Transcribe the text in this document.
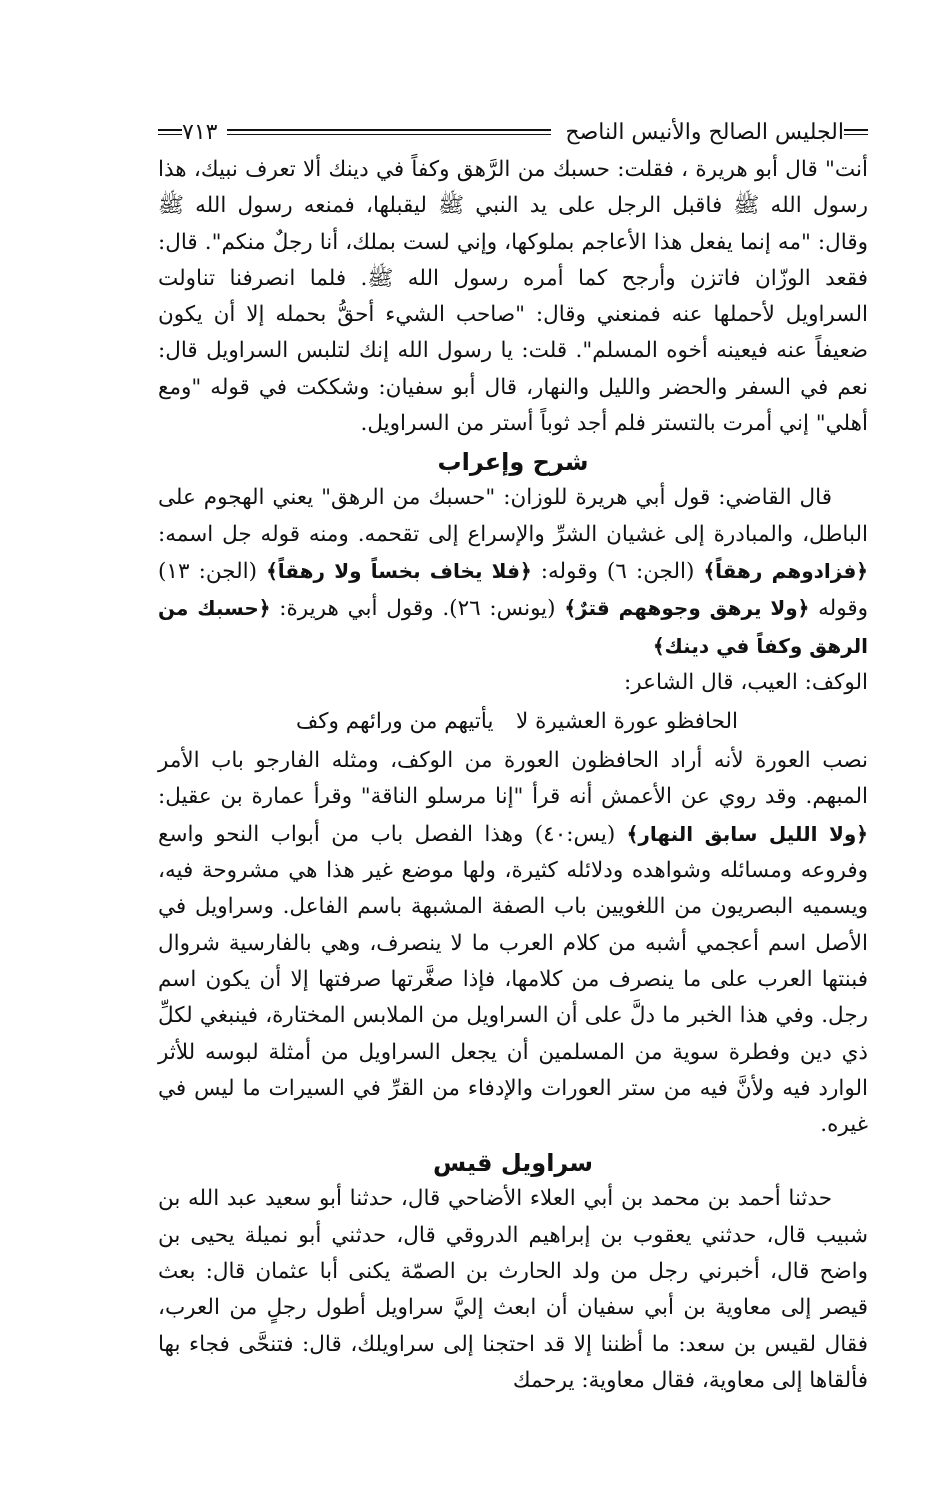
الجليس الصالح والأنيس الناصح
٧١٣

أنت" قال أبو هريرة ، فقلت: حسبك من الرَّهق وكفاً في دينك ألا تعرف نبيك، هذا رسول الله ﷺ فاقبل الرجل على يد النبي ﷺ ليقبلها، فمنعه رسول الله ﷺ وقال: "مه إنما يفعل هذا الأعاجم بملوكها، وإني لست بملك، أنا رجلٌ منكم". قال: فقعد الوزّان فاتزن وأرجح كما أمره رسول الله ﷺ. فلما انصرفنا تناولت السراويل لأحملها عنه فمنعني وقال: "صاحب الشيء أحقُّ بحمله إلا أن يكون ضعيفاً عنه فيعينه أخوه المسلم". قلت: يا رسول الله إنك لتلبس السراويل قال: نعم في السفر والحضر والليل والنهار، قال أبو سفيان: وشككت في قوله "ومع أهلي" إني أمرت بالتستر فلم أجد ثوباً أستر من السراويل.

شرح وإعراب

قال القاضي: قول أبي هريرة للوزان: "حسبك من الرهق" يعني الهجوم على الباطل، والمبادرة إلى غشيان الشرِّ والإسراع إلى تقحمه. ومنه قوله جل اسمه: ﴿فزادوهم رهقاً﴾ (الجن: ٦) وقوله: ﴿فلا يخاف بخساً ولا رهقاً﴾ (الجن: ١٣) وقوله ﴿ولا يرهق وجوههم قترٌ﴾ (يونس: ٢٦). وقول أبي هريرة: ﴿حسبك من الرهق وكفاً في دينك﴾

الوكف: العيب، قال الشاعر:

الحافظو عورة العشيرة لا
يأتيهم من ورائهم وكف

نصب العورة لأنه أراد الحافظون العورة من الوكف، ومثله الفارجو باب الأمر المبهم. وقد روي عن الأعمش أنه قرأ "إنا مرسلو الناقة" وقرأ عمارة بن عقيل: ﴿ولا الليل سابق النهار﴾ (يس:٤٠) وهذا الفصل باب من أبواب النحو واسع وفروعه ومسائله وشواهده ودلائله كثيرة، ولها موضع غير هذا هي مشروحة فيه، ويسميه البصريون من اللغويين باب الصفة المشبهة باسم الفاعل. وسراويل في الأصل اسم أعجمي أشبه من كلام العرب ما لا ينصرف، وهي بالفارسية شروال فبنتها العرب على ما ينصرف من كلامها، فإذا صغَّرتها صرفتها إلا أن يكون اسم رجل. وفي هذا الخبر ما دلَّ على أن السراويل من الملابس المختارة، فينبغي لكلِّ ذي دين وفطرة سوية من المسلمين أن يجعل السراويل من أمثلة لبوسه للأثر الوارد فيه ولأنَّ فيه من ستر العورات والإدفاء من القرِّ في السيرات ما ليس في غيره.

سراويل قيس

حدثنا أحمد بن محمد بن أبي العلاء الأضاحي قال، حدثنا أبو سعيد عبد الله بن شبيب قال، حدثني يعقوب بن إبراهيم الدروقي قال، حدثني أبو نميلة يحيى بن واضح قال، أخبرني رجل من ولد الحارث بن الصمّة يكنى أبا عثمان قال: بعث قيصر إلى معاوية بن أبي سفيان أن ابعث إليَّ سراويل أطول رجلٍ من العرب، فقال لقيس بن سعد: ما أظننا إلا قد احتجنا إلى سراويلك، قال: فتنحَّى فجاء بها فألقاها إلى معاوية، فقال معاوية: يرحمك
